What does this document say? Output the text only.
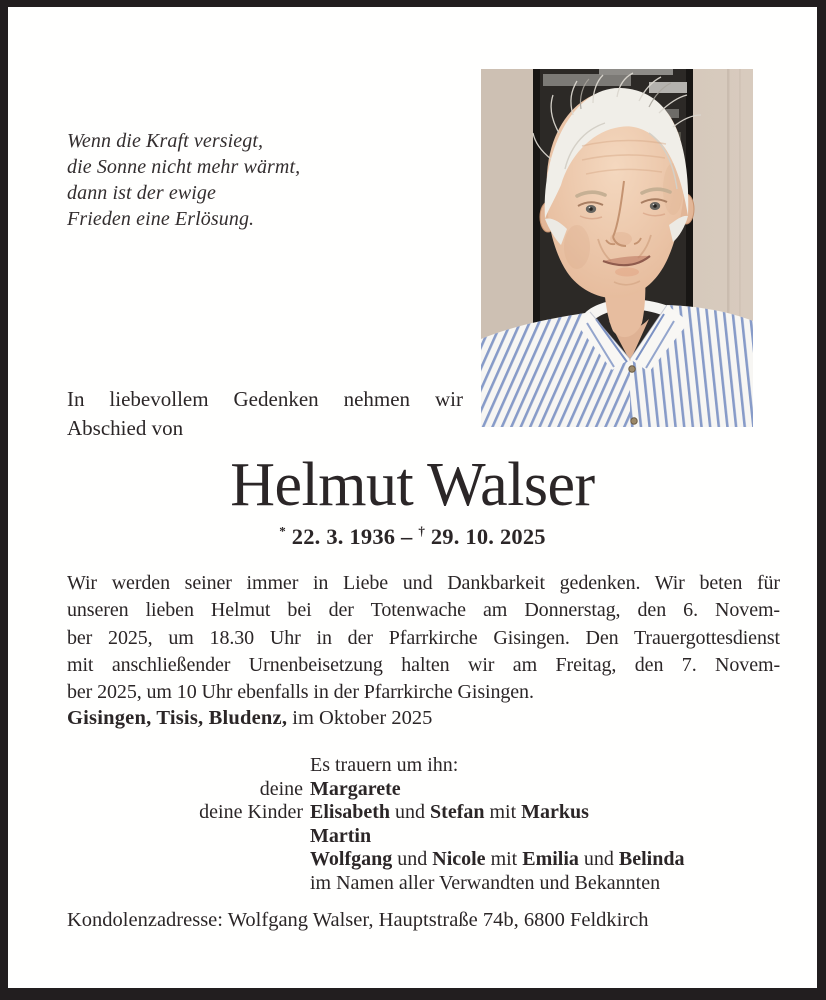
Wenn die Kraft versiegt,
die Sonne nicht mehr wärmt,
dann ist der ewige
Frieden eine Erlösung.
In liebevollem Gedenken nehmen wir
Abschied von
Helmut Walser
* 22. 3. 1936 – † 29. 10. 2025
Wir werden seiner immer in Liebe und Dankbarkeit gedenken. Wir beten für
unseren lieben Helmut bei der Totenwache am Donnerstag, den 6. Novem-
ber 2025, um 18.30 Uhr in der Pfarrkirche Gisingen. Den Trauergottesdienst
mit anschließender Urnenbeisetzung halten wir am Freitag, den 7. Novem-
ber 2025, um 10 Uhr ebenfalls in der Pfarrkirche Gisingen.
Gisingen, Tisis, Bludenz, im Oktober 2025
Es trauern um ihn:
deine Margarete
deine Kinder Elisabeth und Stefan mit Markus
Martin
Wolfgang und Nicole mit Emilia und Belinda
im Namen aller Verwandten und Bekannten
Kondolenzadresse: Wolfgang Walser, Hauptstraße 74b, 6800 Feldkirch
